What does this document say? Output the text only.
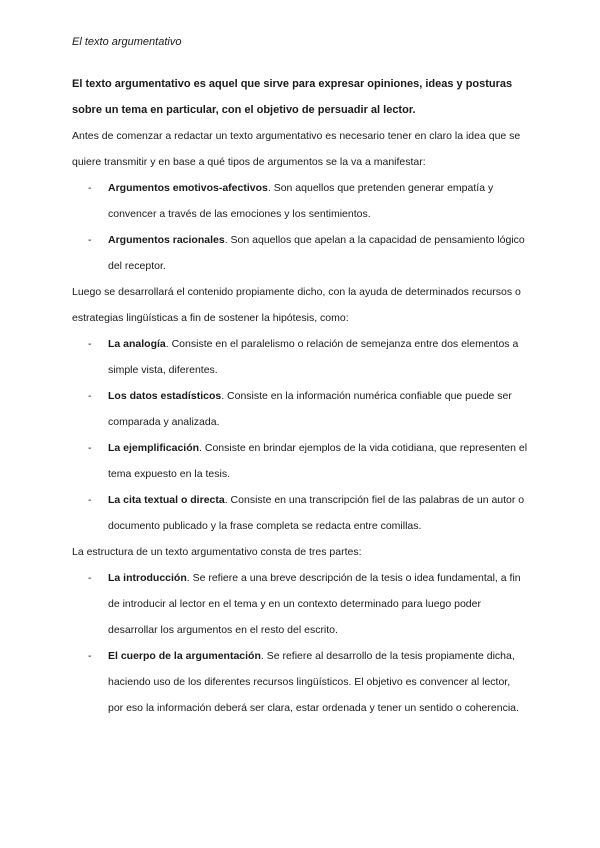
El texto argumentativo

El texto argumentativo es aquel que sirve para expresar opiniones, ideas y posturas sobre un tema en particular, con el objetivo de persuadir al lector.

Antes de comenzar a redactar un texto argumentativo es necesario tener en claro la idea que se quiere transmitir y en base a qué tipos de argumentos se la va a manifestar:

- Argumentos emotivos-afectivos. Son aquellos que pretenden generar empatía y convencer a través de las emociones y los sentimientos.
- Argumentos racionales. Son aquellos que apelan a la capacidad de pensamiento lógico del receptor.

Luego se desarrollará el contenido propiamente dicho, con la ayuda de determinados recursos o estrategias lingüísticas a fin de sostener la hipótesis, como:

- La analogía. Consiste en el paralelismo o relación de semejanza entre dos elementos a simple vista, diferentes.
- Los datos estadísticos. Consiste en la información numérica confiable que puede ser comparada y analizada.
- La ejemplificación. Consiste en brindar ejemplos de la vida cotidiana, que representen el tema expuesto en la tesis.
- La cita textual o directa. Consiste en una transcripción fiel de las palabras de un autor o documento publicado y la frase completa se redacta entre comillas.

La estructura de un texto argumentativo consta de tres partes:

- La introducción. Se refiere a una breve descripción de la tesis o idea fundamental, a fin de introducir al lector en el tema y en un contexto determinado para luego poder desarrollar los argumentos en el resto del escrito.
- El cuerpo de la argumentación. Se refiere al desarrollo de la tesis propiamente dicha, haciendo uso de los diferentes recursos lingüísticos. El objetivo es convencer al lector, por eso la información deberá ser clara, estar ordenada y tener un sentido o coherencia.
